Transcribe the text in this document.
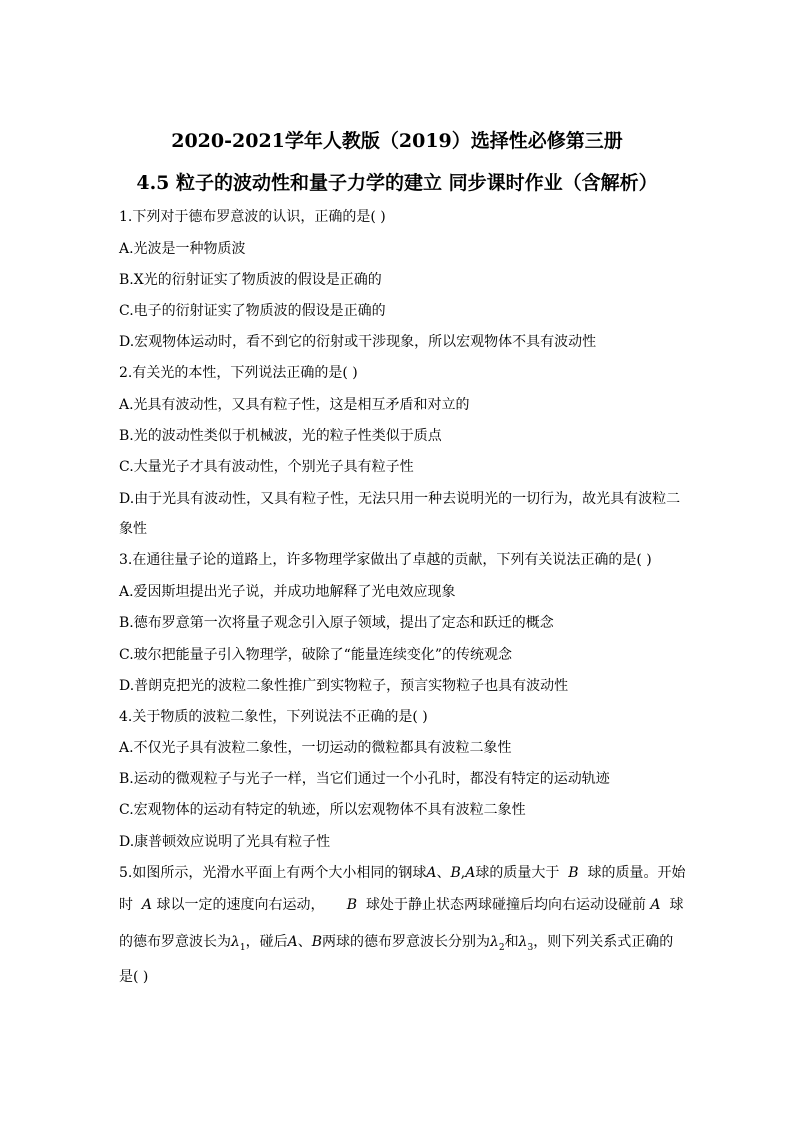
2020-2021学年人教版（2019）选择性必修第三册
4.5 粒子的波动性和量子力学的建立 同步课时作业（含解析）
1.下列对于德布罗意波的认识，正确的是( )
A.光波是一种物质波
B.X光的衍射证实了物质波的假设是正确的
C.电子的衍射证实了物质波的假设是正确的
D.宏观物体运动时，看不到它的衍射或干涉现象，所以宏观物体不具有波动性
2.有关光的本性，下列说法正确的是( )
A.光具有波动性，又具有粒子性，这是相互矛盾和对立的
B.光的波动性类似于机械波，光的粒子性类似于质点
C.大量光子才具有波动性，个别光子具有粒子性
D.由于光具有波动性，又具有粒子性，无法只用一种去说明光的一切行为，故光具有波粒二
象性
3.在通往量子论的道路上，许多物理学家做出了卓越的贡献，下列有关说法正确的是( )
A.爱因斯坦提出光子说，并成功地解释了光电效应现象
B.德布罗意第一次将量子观念引入原子领域，提出了定态和跃迁的概念
C.玻尔把能量子引入物理学，破除了“能量连续变化”的传统观念
D.普朗克把光的波粒二象性推广到实物粒子，预言实物粒子也具有波动性
4.关于物质的波粒二象性，下列说法不正确的是( )
A.不仅光子具有波粒二象性，一切运动的微粒都具有波粒二象性
B.运动的微观粒子与光子一样，当它们通过一个小孔时，都没有特定的运动轨迹
C.宏观物体的运动有特定的轨迹，所以宏观物体不具有波粒二象性
D.康普顿效应说明了光具有粒子性
5.如图所示，光滑水平面上有两个大小相同的钢球A、B,A球的质量大于 B 球的质量。开始
时 A 球以一定的速度向右运动， B 球处于静止状态两球碰撞后均向右运动设碰前 A 球
的德布罗意波长为$\lambda_1$，碰后A、B两球的德布罗意波长分别为$\lambda_2$和$\lambda_3$，则下列关系式正确的
是( )
